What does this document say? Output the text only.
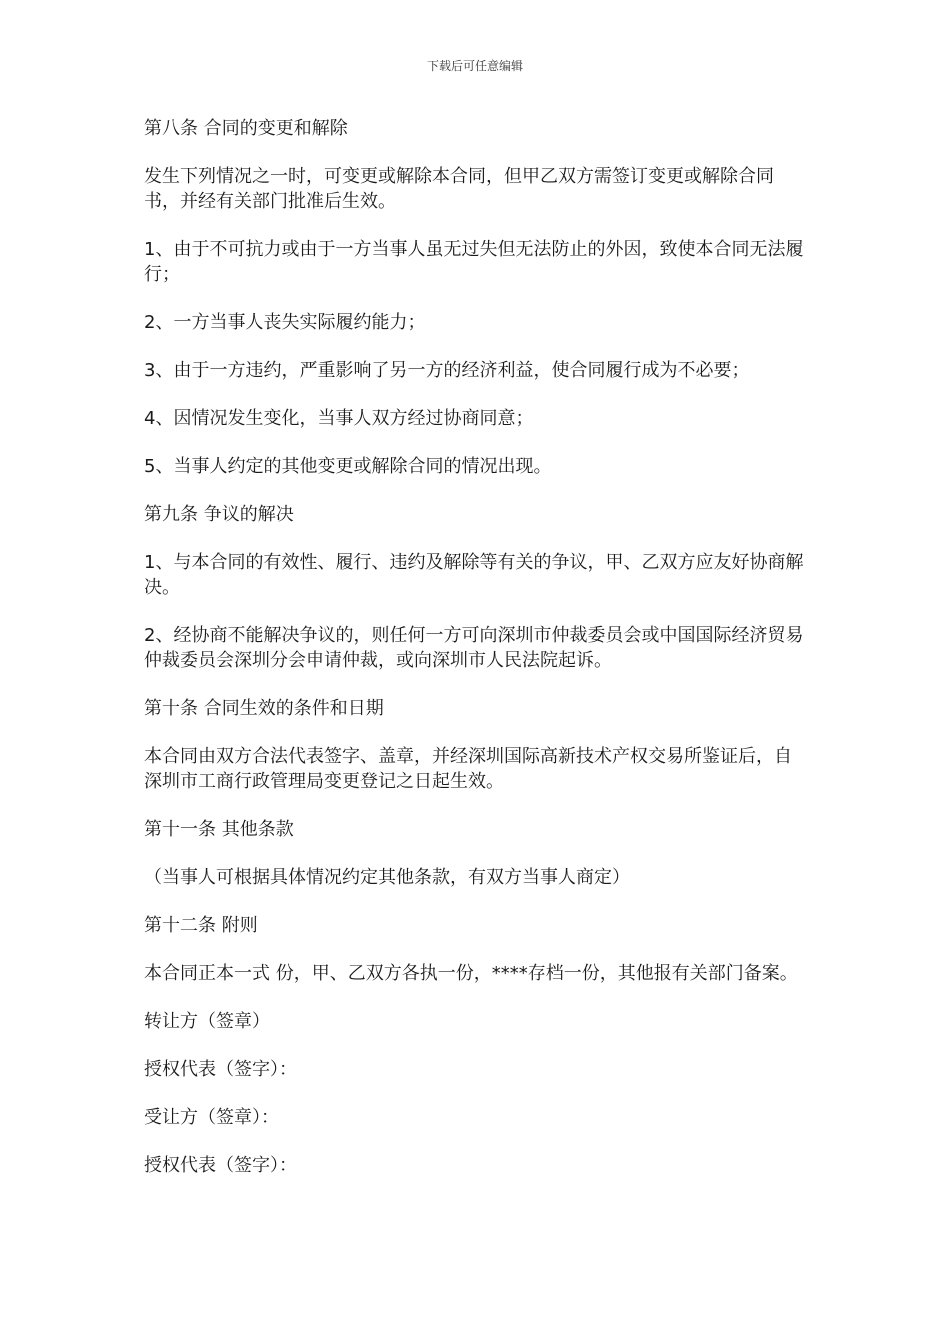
下载后可任意编辑

第八条 合同的变更和解除

发生下列情况之一时，可变更或解除本合同，但甲乙双方需签订变更或解除合同书，并经有关部门批准后生效。

1、由于不可抗力或由于一方当事人虽无过失但无法防止的外因，致使本合同无法履行；

2、一方当事人丧失实际履约能力；

3、由于一方违约，严重影响了另一方的经济利益，使合同履行成为不必要；

4、因情况发生变化，当事人双方经过协商同意；

5、当事人约定的其他变更或解除合同的情况出现。

第九条 争议的解决

1、与本合同的有效性、履行、违约及解除等有关的争议，甲、乙双方应友好协商解决。

2、经协商不能解决争议的，则任何一方可向深圳市仲裁委员会或中国国际经济贸易仲裁委员会深圳分会申请仲裁，或向深圳市人民法院起诉。

第十条 合同生效的条件和日期

本合同由双方合法代表签字、盖章，并经深圳国际高新技术产权交易所鉴证后，自深圳市工商行政管理局变更登记之日起生效。

第十一条 其他条款

（当事人可根据具体情况约定其他条款，有双方当事人商定）

第十二条 附则

本合同正本一式 份，甲、乙双方各执一份，****存档一份，其他报有关部门备案。

转让方（签章）

授权代表（签字）：

受让方（签章）：

授权代表（签字）：
